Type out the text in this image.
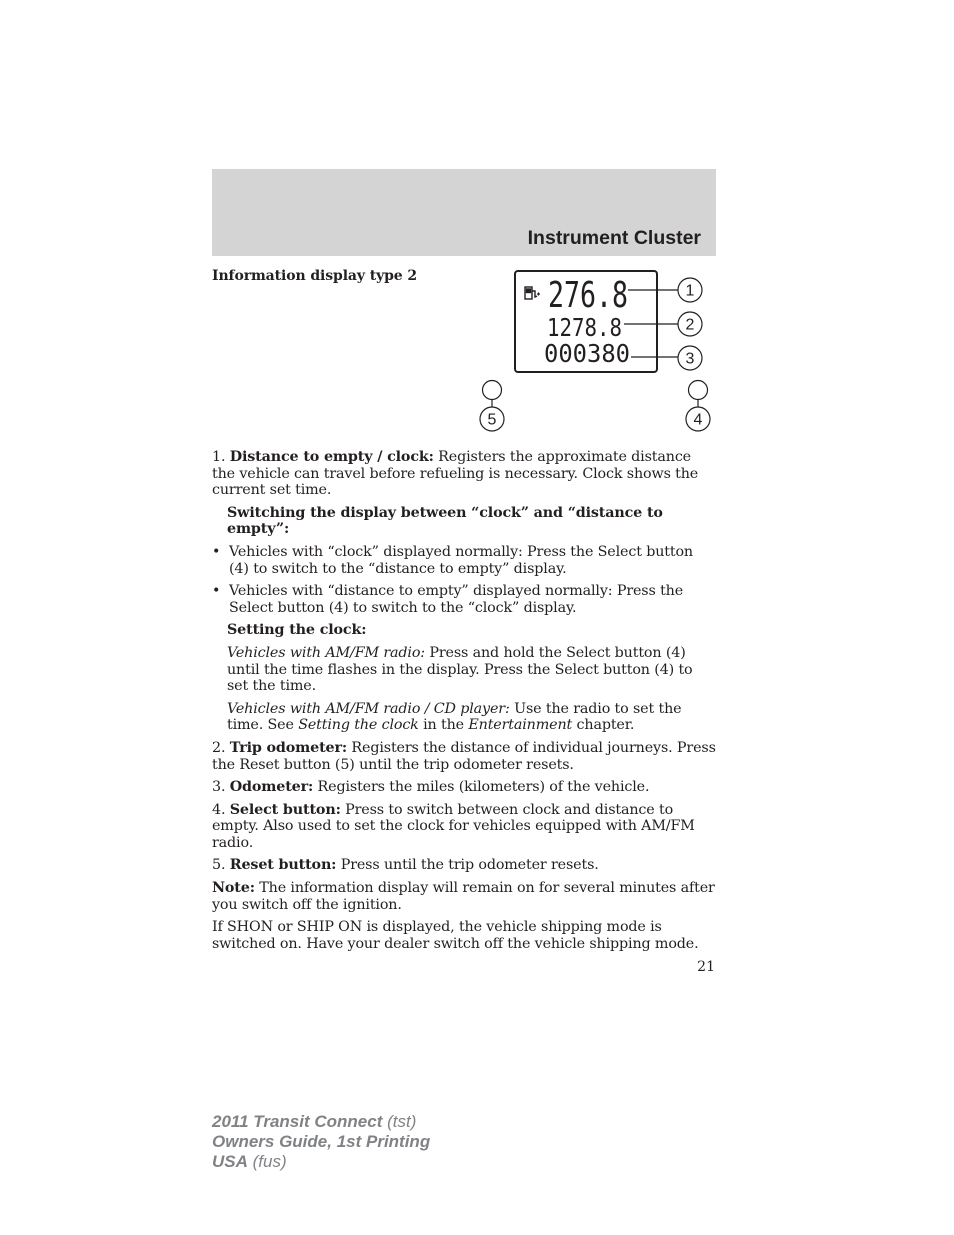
Instrument Cluster
Information display type 2	276.8
1278.8
000380
1
2
3
5	4

1. Distance to empty / clock: Registers the approximate distance the vehicle can travel before refueling is necessary. Clock shows the current set time.

Switching the display between “clock” and “distance to empty”:

• Vehicles with “clock” displayed normally: Press the Select button (4) to switch to the “distance to empty” display.
• Vehicles with “distance to empty” displayed normally: Press the Select button (4) to switch to the “clock” display.

Setting the clock:

Vehicles with AM/FM radio: Press and hold the Select button (4) until the time flashes in the display. Press the Select button (4) to set the time.

Vehicles with AM/FM radio / CD player: Use the radio to set the time. See Setting the clock in the Entertainment chapter.

2. Trip odometer: Registers the distance of individual journeys. Press the Reset button (5) until the trip odometer resets.

3. Odometer: Registers the miles (kilometers) of the vehicle.

4. Select button: Press to switch between clock and distance to empty. Also used to set the clock for vehicles equipped with AM/FM radio.

5. Reset button: Press until the trip odometer resets.

Note: The information display will remain on for several minutes after you switch off the ignition.

If SHON or SHIP ON is displayed, the vehicle shipping mode is switched on. Have your dealer switch off the vehicle shipping mode.

21
2011 Transit Connect (tst)
Owners Guide, 1st Printing
USA (fus)
